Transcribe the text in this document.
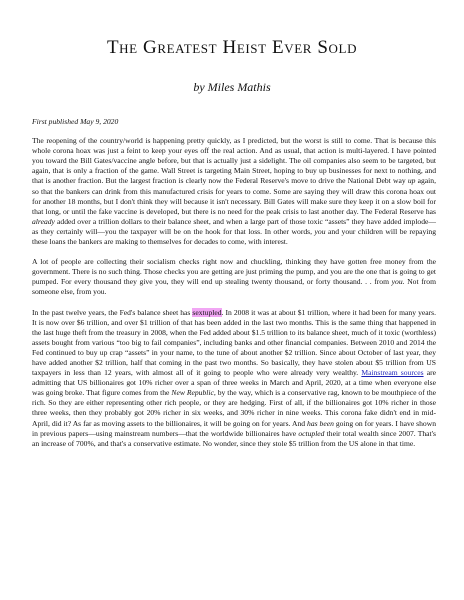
The Greatest Heist Ever Sold
by Miles Mathis

First published May 9, 2020

The reopening of the country/world is happening pretty quickly, as I predicted, but the worst is still to come. That is because this whole corona hoax was just a feint to keep your eyes off the real action. And as usual, that action is multi-layered. I have pointed you toward the Bill Gates/vaccine angle before, but that is actually just a sidelight. The oil companies also seem to be targeted, but again, that is only a fraction of the game. Wall Street is targeting Main Street, hoping to buy up businesses for next to nothing, and that is another fraction. But the largest fraction is clearly now the Federal Reserve's move to drive the National Debt way up again, so that the bankers can drink from this manufactured crisis for years to come. Some are saying they will draw this corona hoax out for another 18 months, but I don't think they will because it isn't necessary. Bill Gates will make sure they keep it on a slow boil for that long, or until the fake vaccine is developed, but there is no need for the peak crisis to last another day. The Federal Reserve has already added over a trillion dollars to their balance sheet, and when a large part of those toxic “assets” they have added implode—as they certainly will—you the taxpayer will be on the hook for that loss. In other words, you and your children will be repaying these loans the bankers are making to themselves for decades to come, with interest.

A lot of people are collecting their socialism checks right now and chuckling, thinking they have gotten free money from the government. There is no such thing. Those checks you are getting are just priming the pump, and you are the one that is going to get pumped. For every thousand they give you, they will end up stealing twenty thousand, or forty thousand. . . from you. Not from someone else, from you.

In the past twelve years, the Fed's balance sheet has sextupled. In 2008 it was at about $1 trillion, where it had been for many years. It is now over $6 trillion, and over $1 trillion of that has been added in the last two months. This is the same thing that happened in the last huge theft from the treasury in 2008, when the Fed added about $1.5 trillion to its balance sheet, much of it toxic (worthless) assets bought from various “too big to fail companies”, including banks and other financial companies. Between 2010 and 2014 the Fed continued to buy up crap “assets” in your name, to the tune of about another $2 trillion. Since about October of last year, they have added another $2 trillion, half that coming in the past two months. So basically, they have stolen about $5 trillion from US taxpayers in less than 12 years, with almost all of it going to people who were already very wealthy. Mainstream sources are admitting that US billionaires got 10% richer over a span of three weeks in March and April, 2020, at a time when everyone else was going broke. That figure comes from the New Republic, by the way, which is a conservative rag, known to be mouthpiece of the rich. So they are either representing other rich people, or they are hedging. First of all, if the billionaires got 10% richer in those three weeks, then they probably got 20% richer in six weeks, and 30% richer in nine weeks. This corona fake didn't end in mid-April, did it? As far as moving assets to the billionaires, it will be going on for years. And has been going on for years. I have shown in previous papers—using mainstream numbers—that the worldwide billionaires have octupled their total wealth since 2007. That's an increase of 700%, and that's a conservative estimate. No wonder, since they stole $5 trillion from the US alone in that time.
